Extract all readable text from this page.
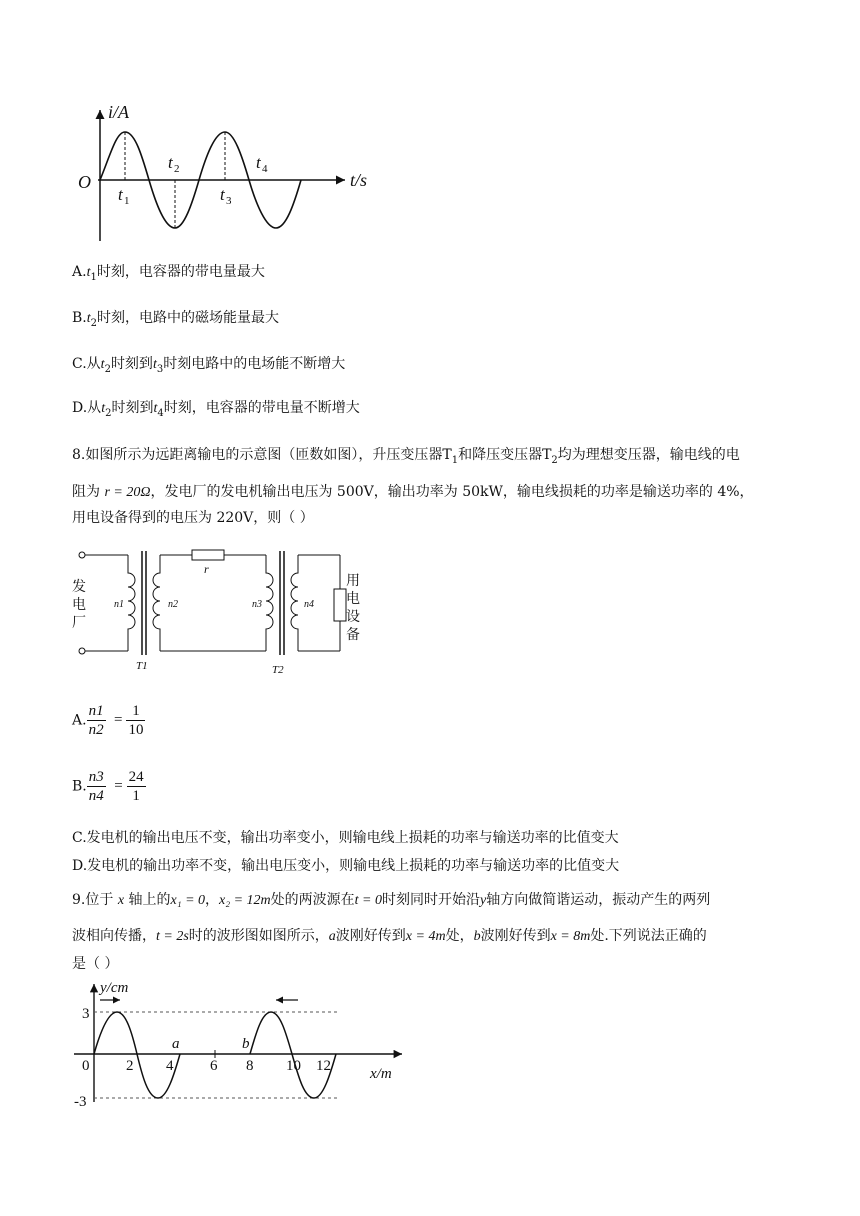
i/A
t/s
O
t 1
t 2
t 3
t 4
$A.t_1$时刻，电容器的带电量最大
$B.t_2$时刻，电路中的磁场能量最大
C.从$t_2$时刻到$t_3$时刻电路中的电场能不断增大
D.从$t_2$时刻到$t_4$时刻，电容器的带电量不断增大
8.如图所示为远距离输电的示意图（匝数如图），升压变压器$T_1$和降压变压器$T_2$均为理想变压器，输电线的电
阻为 r = 20Ω，发电厂的发电机输出电压为 500V，输出功率为 50kW，输电线损耗的功率是输送功率的 4%，
用电设备得到的电压为 220V，则（ ）
r
发
电
厂
用
电
设
备
n1	n2	n3	n4
T1	T2
A. $\frac{n1}{n2} = \frac{1}{10}$
B. $\frac{n3}{n4} = \frac{24}{1}$
C.发电机的输出电压不变，输出功率变小，则输电线上损耗的功率与输送功率的比值变大
D.发电机的输出功率不变，输出电压变小，则输电线上损耗的功率与输送功率的比值变大
9.位于 x 轴上的x₁ = 0，x₂ = 12m处的两波源在t = 0时刻同时开始沿y轴方向做简谐运动，振动产生的两列
波相向传播，t = 2s时的波形图如图所示，a波刚好传到x = 4m处，b波刚好传到x = 8m处.下列说法正确的
是（ ）
y/cm
x/m
3
0
-3
2 4 6 8 10 12
a	b
